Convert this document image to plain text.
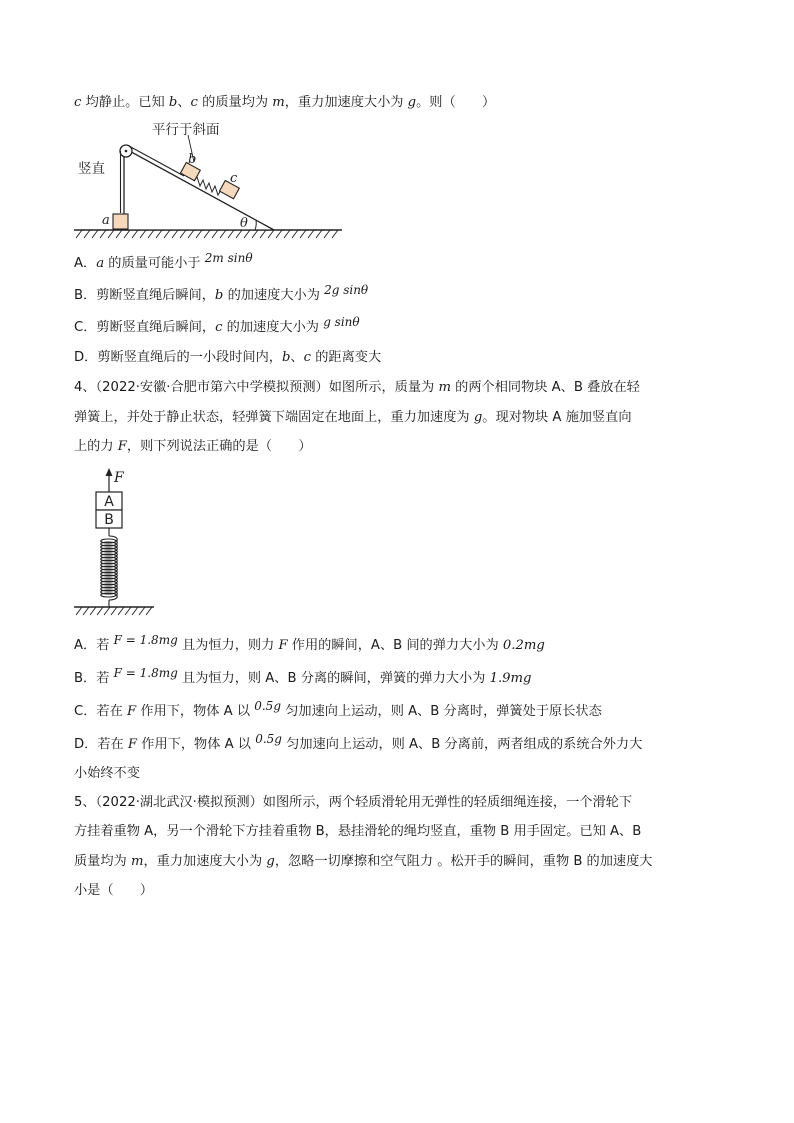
c 均静止。已知 b、c 的质量均为 m，重力加速度大小为 g。则（　　）
平行于斜面
竖直
a
b
c
θ
A．a 的质量可能小于 2m sinθ
B．剪断竖直绳后瞬间，b 的加速度大小为 2g sinθ
C．剪断竖直绳后瞬间，c 的加速度大小为 g sinθ
D．剪断竖直绳后的一小段时间内，b、c 的距离变大
4、（2022·安徽·合肥市第六中学模拟预测）如图所示，质量为 m 的两个相同物块 A、B 叠放在轻
弹簧上，并处于静止状态，轻弹簧下端固定在地面上，重力加速度为 g。现对物块 A 施加竖直向
上的力 F，则下列说法正确的是（　　）
F
A
B
A．若 F = 1.8mg 且为恒力，则力 F 作用的瞬间，A、B 间的弹力大小为 0.2mg
B．若 F = 1.8mg 且为恒力，则 A、B 分离的瞬间，弹簧的弹力大小为 1.9mg
C．若在 F 作用下，物体 A 以 0.5g 匀加速向上运动，则 A、B 分离时，弹簧处于原长状态
D．若在 F 作用下，物体 A 以 0.5g 匀加速向上运动，则 A、B 分离前，两者组成的系统合外力大
小始终不变
5、（2022·湖北武汉·模拟预测）如图所示，两个轻质滑轮用无弹性的轻质细绳连接，一个滑轮下
方挂着重物 A，另一个滑轮下方挂着重物 B，悬挂滑轮的绳均竖直，重物 B 用手固定。已知 A、B
质量均为 m，重力加速度大小为 g，忽略一切摩擦和空气阻力 。松开手的瞬间，重物 B 的加速度大
小是（　　）
